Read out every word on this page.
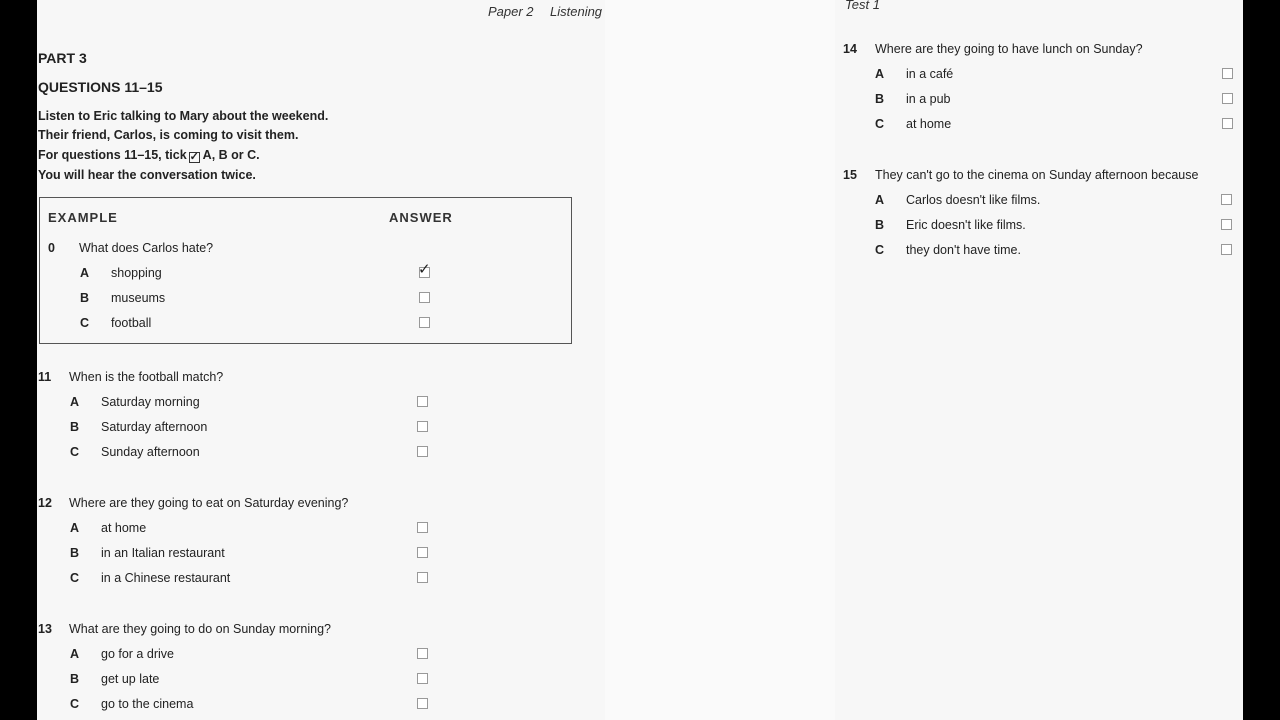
Paper 2 Listening
PART 3
QUESTIONS 11–15
Listen to Eric talking to Mary about the weekend.
Their friend, Carlos, is coming to visit them.
For questions 11–15, tick ✓ A, B or C.
You will hear the conversation twice.
EXAMPLE	ANSWER
0 What does Carlos hate?
A shopping	✓
B museums
C football
11 When is the football match?
A Saturday morning
B Saturday afternoon
C Sunday afternoon
12 Where are they going to eat on Saturday evening?
A at home
B in an Italian restaurant
C in a Chinese restaurant
13 What are they going to do on Sunday morning?
A go for a drive
B get up late
C go to the cinema
Test 1
14 Where are they going to have lunch on Sunday?
A in a café
B in a pub
C at home
15 They can't go to the cinema on Sunday afternoon because
A Carlos doesn't like films.
B Eric doesn't like films.
C they don't have time.
